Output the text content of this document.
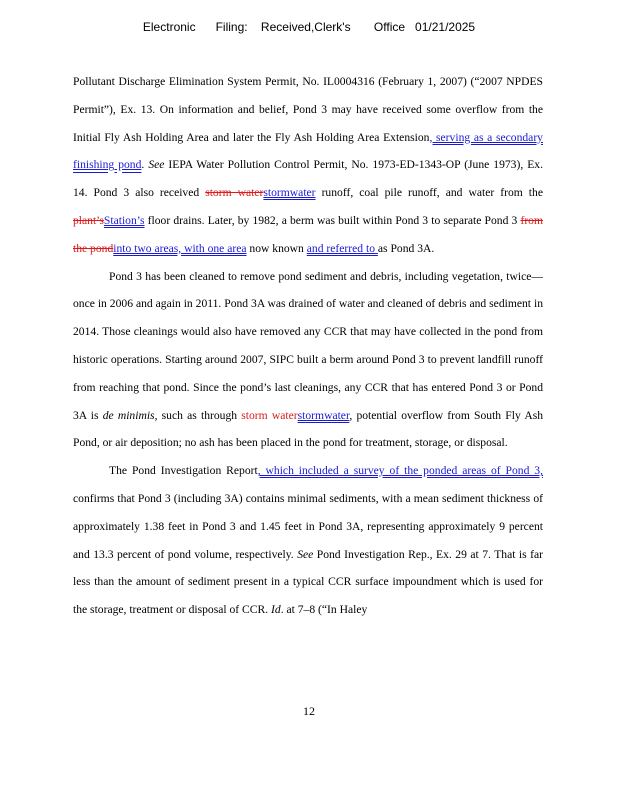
Electronic      Filing:    Received,Clerk's       Office   01/21/2025

Pollutant Discharge Elimination System Permit, No. IL0004316 (February 1, 2007) (“2007 NPDES Permit”), Ex. 13. On information and belief, Pond 3 may have received some overflow from the Initial Fly Ash Holding Area and later the Fly Ash Holding Area Extension, serving as a secondary finishing pond. See IEPA Water Pollution Control Permit, No. 1973-ED-1343-OP (June 1973), Ex. 14. Pond 3 also received storm waterstormwater runoff, coal pile runoff, and water from the plant’sStation’s floor drains. Later, by 1982, a berm was built within Pond 3 to separate Pond 3 from the pondinto two areas, with one area now known and referred to as Pond 3A.

Pond 3 has been cleaned to remove pond sediment and debris, including vegetation, twice—once in 2006 and again in 2011. Pond 3A was drained of water and cleaned of debris and sediment in 2014. Those cleanings would also have removed any CCR that may have collected in the pond from historic operations. Starting around 2007, SIPC built a berm around Pond 3 to prevent landfill runoff from reaching that pond. Since the pond’s last cleanings, any CCR that has entered Pond 3 or Pond 3A is de minimis, such as through storm waterstormwater, potential overflow from South Fly Ash Pond, or air deposition; no ash has been placed in the pond for treatment, storage, or disposal.

The Pond Investigation Report, which included a survey of the ponded areas of Pond 3, confirms that Pond 3 (including 3A) contains minimal sediments, with a mean sediment thickness of approximately 1.38 feet in Pond 3 and 1.45 feet in Pond 3A, representing approximately 9 percent and 13.3 percent of pond volume, respectively. See Pond Investigation Rep., Ex. 29 at 7. That is far less than the amount of sediment present in a typical CCR surface impoundment which is used for the storage, treatment or disposal of CCR. Id. at 7–8 (“In Haley

12
